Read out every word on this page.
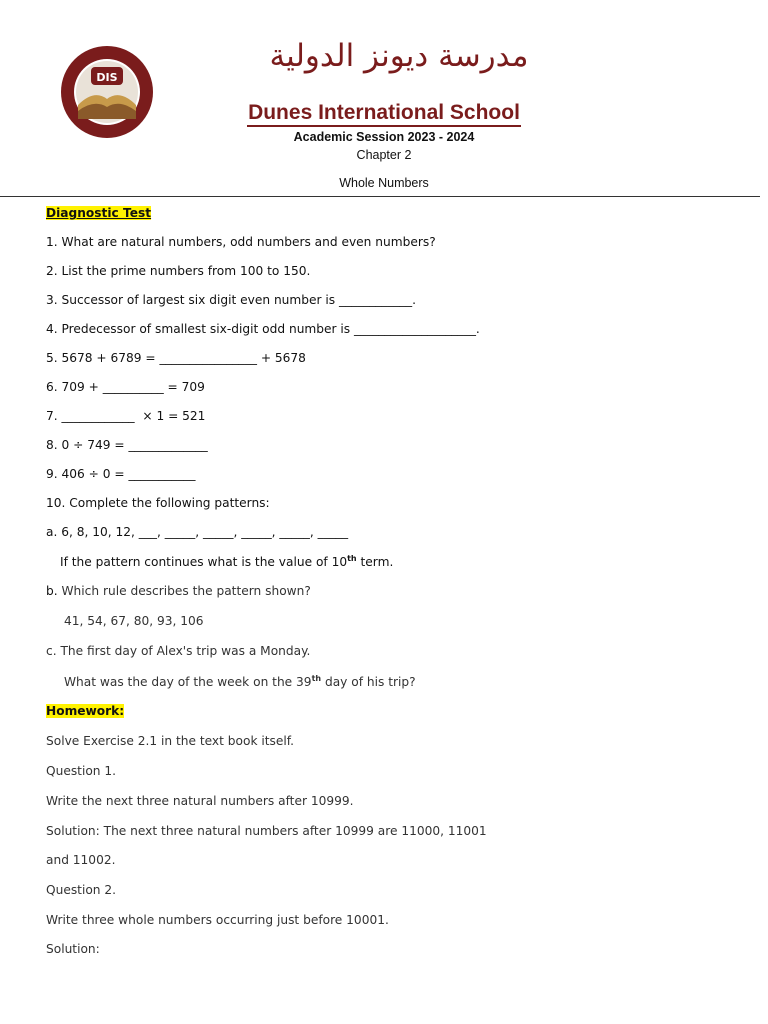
DIS
مدرسة ديونز الدولية
Dunes International School
Academic Session 2023 - 2024
Chapter 2
Whole Numbers
Diagnostic Test
1. What are natural numbers, odd numbers and even numbers?
2. List the prime numbers from 100 to 150.
3. Successor of largest six digit even number is ____________.
4. Predecessor of smallest six-digit odd number is ____________________.
5. 5678 + 6789 = ________________ + 5678
6. 709 + __________ = 709
7. ____________  × 1 = 521
8. 0 ÷ 749 = _____________
9. 406 ÷ 0 = ___________
10. Complete the following patterns:
a. 6, 8, 10, 12, ___, _____, _____, _____, _____, _____
If the pattern continues what is the value of 10th term.
b. Which rule describes the pattern shown?
41, 54, 67, 80, 93, 106
c. The first day of Alex's trip was a Monday.
What was the day of the week on the 39th day of his trip?
Homework:
Solve Exercise 2.1 in the text book itself.
Question 1.
Write the next three natural numbers after 10999.
Solution: The next three natural numbers after 10999 are 11000, 11001
and 11002.
Question 2.
Write three whole numbers occurring just before 10001.
Solution:
